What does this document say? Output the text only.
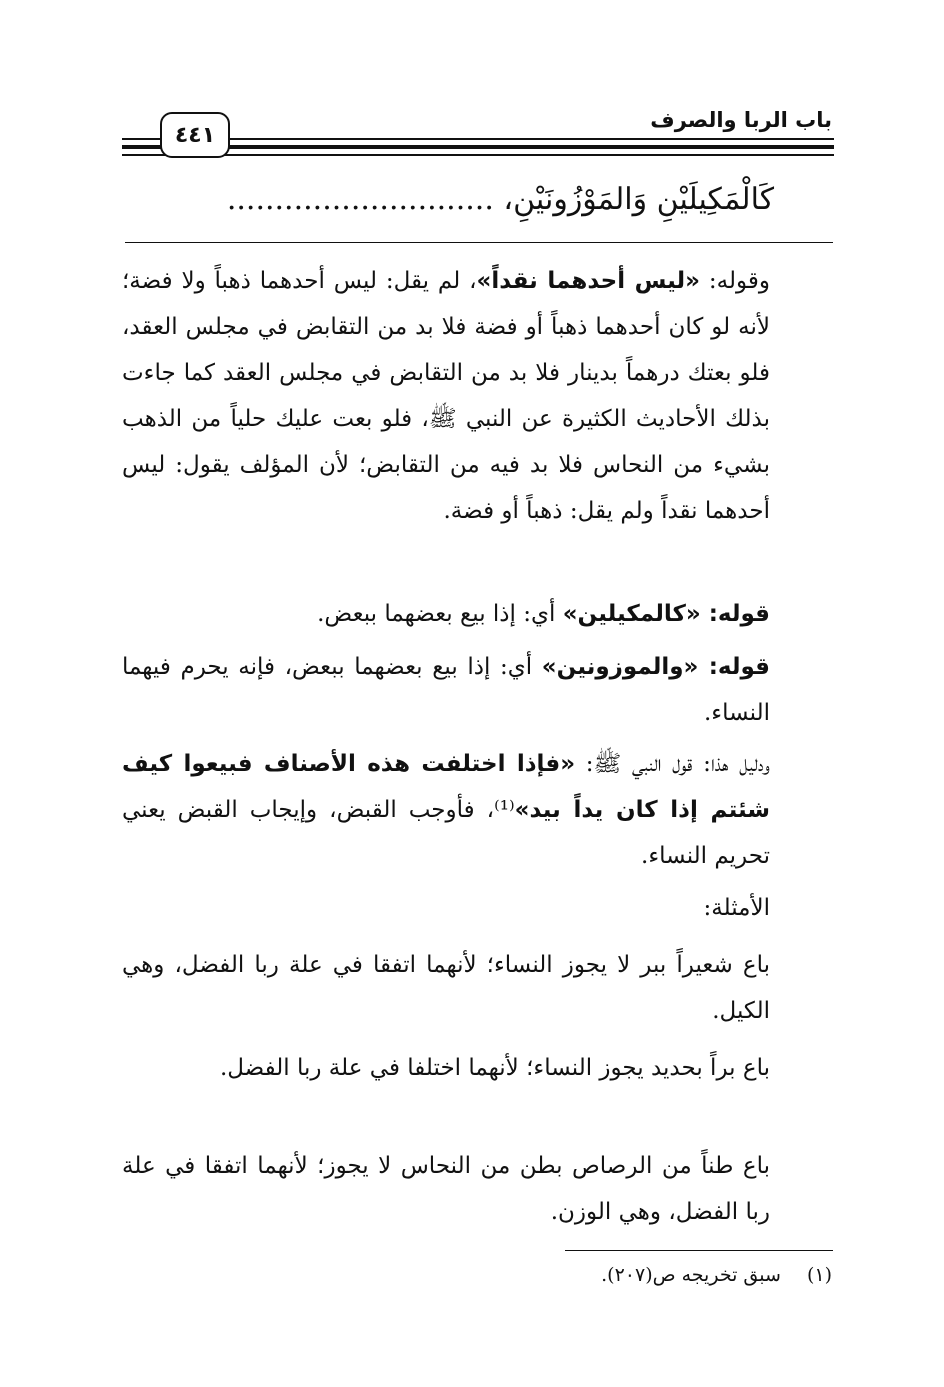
باب الربا والصرف
٤٤١
كَالْمَكِيلَيْنِ وَالمَوْزُونَيْنِ، ............................

وقوله: «ليس أحدهما نقداً»، لم يقل: ليس أحدهما ذهباً ولا فضة؛ لأنه لو كان أحدهما ذهباً أو فضة فلا بد من التقابض في مجلس العقد، فلو بعتك درهماً بدينار فلا بد من التقابض في مجلس العقد كما جاءت بذلك الأحاديث الكثيرة عن النبي ﷺ، فلو بعت عليك حلياً من الذهب بشيء من النحاس فلا بد فيه من التقابض؛ لأن المؤلف يقول: ليس أحدهما نقداً ولم يقل: ذهباً أو فضة.

قوله: «كالمكيلين» أي: إذا بيع بعضهما ببعض.

قوله: «والموزونين» أي: إذا بيع بعضهما ببعض، فإنه يحرم فيهما النساء.

ودليل هذا: قول النبي ﷺ: «فإذا اختلفت هذه الأصناف فبيعوا كيف شئتم إذا كان يداً بيد»⁽¹⁾، فأوجب القبض، وإيجاب القبض يعني تحريم النساء.

الأمثلة:

باع شعيراً ببر لا يجوز النساء؛ لأنهما اتفقا في علة ربا الفضل، وهي الكيل.

باع براً بحديد يجوز النساء؛ لأنهما اختلفا في علة ربا الفضل.

باع طناً من الرصاص بطن من النحاس لا يجوز؛ لأنهما اتفقا في علة ربا الفضل، وهي الوزن.

(١)سبق تخريجه ص(٢٠٧).
